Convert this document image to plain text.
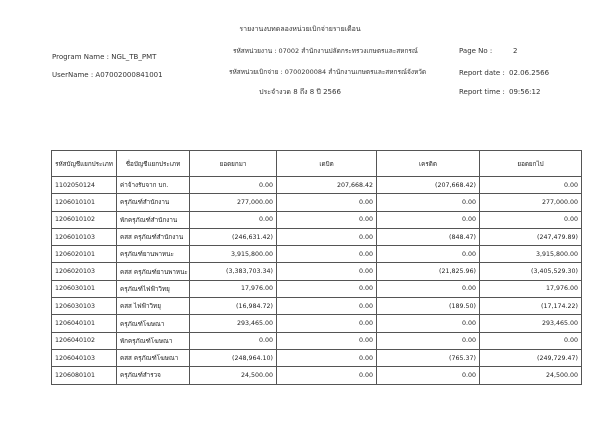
รายงานงบทดลองหน่วยเบิกจ่ายรายเดือน
Program Name : NGL_TB_PMT
UserName : A07002000841001
รหัสหน่วยงาน : 07002 สำนักงานปลัดกระทรวงเกษตรและสหกรณ์
รหัสหน่วยเบิกจ่าย : 0700200084 สำนักงานเกษตรและสหกรณ์จังหวัด
Page No :	2
Report date : 02.06.2566
Report time : 09:56:12
ประจำงวด 8 ถึง 8 ปี 2566
รหัสบัญชีแยกประเภท	ชื่อบัญชีแยกประเภท	ยอดยกมา	เดบิต	เครดิต	ยอดยกไป
1102050124	ค่าจ้างรับจาก บก.	0.00	207,668.42	(207,668.42)	0.00
1206010101	ครุภัณฑ์สำนักงาน	277,000.00	0.00	0.00	277,000.00
1206010102	พักครุภัณฑ์สำนักงาน	0.00	0.00	0.00	0.00
1206010103	คสส ครุภัณฑ์สำนักงาน	(246,631.42)	0.00	(848.47)	(247,479.89)
1206020101	ครุภัณฑ์ยานพาหนะ	3,915,800.00	0.00	0.00	3,915,800.00
1206020103	คสส ครุภัณฑ์ยานพาหนะ	(3,383,703.34)	0.00	(21,825.96)	(3,405,529.30)
1206030101	ครุภัณฑ์ไฟฟ้าวิทยุ	17,976.00	0.00	0.00	17,976.00
1206030103	คสส ไฟฟ้าวิทยุ	(16,984.72)	0.00	(189.50)	(17,174.22)
1206040101	ครุภัณฑ์โฆษณา	293,465.00	0.00	0.00	293,465.00
1206040102	พักครุภัณฑ์โฆษณา	0.00	0.00	0.00	0.00
1206040103	คสส ครุภัณฑ์โฆษณา	(248,964.10)	0.00	(765.37)	(249,729.47)
1206080101	ครุภัณฑ์สำรวจ	24,500.00	0.00	0.00	24,500.00
